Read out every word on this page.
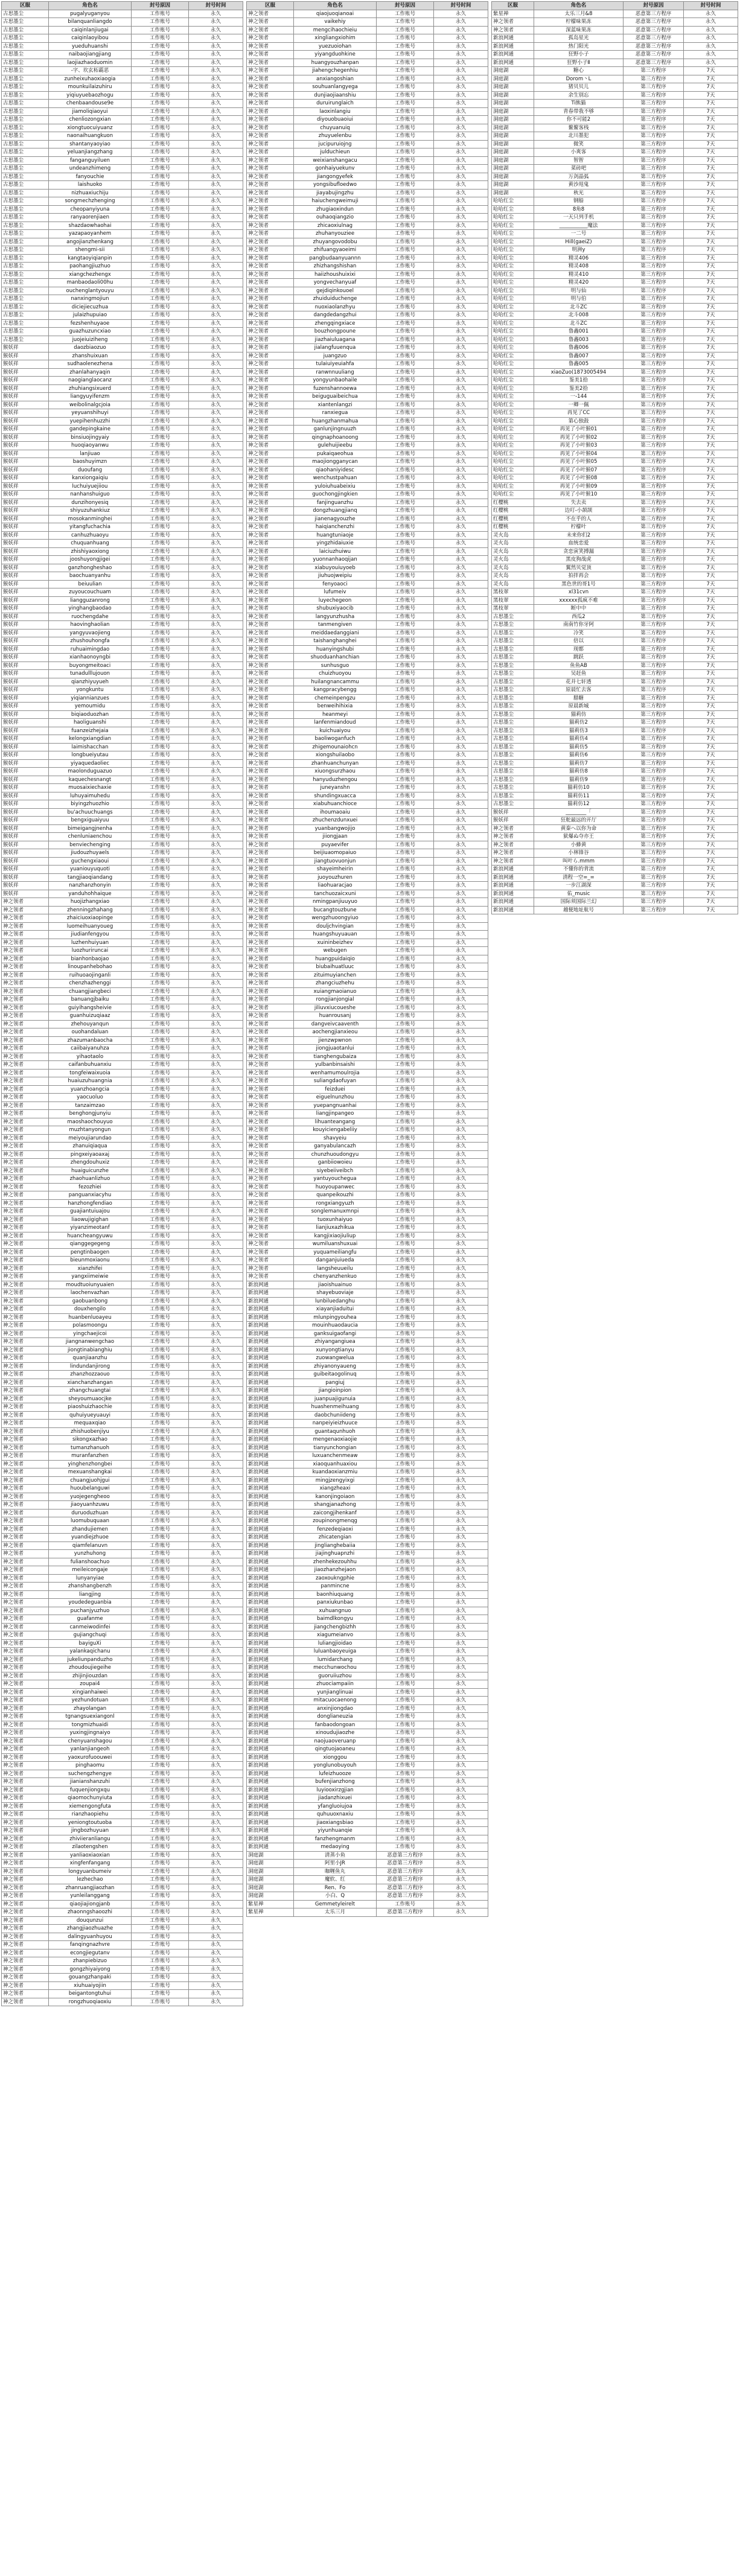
区服	角色名	封号原因	封号时间
古思墨尘	pugalyuganyou	工作账号	永久
古思墨尘	bilanquanliangdo	工作账号	永久
古思墨尘	caiqinlanjiugai	工作账号	永久
古思墨尘	caiqinlaoyibou	工作账号	永久
古思墨尘	yueduhuanshi	工作账号	永久
古思墨尘	naibaojiangjiang	工作账号	永久
古思墨尘	laojiazhaoduomin	工作账号	永久
古思墨尘	-字、坎玄柘霸恶	工作账号	永久
古思墨尘	zunheixuhaoxiaogia	工作账号	永久
古思墨尘	mounkuilaizuhiru	工作账号	永久
古思墨尘	yiqiuyuebaozhogu	工作账号	永久
古思墨尘	chenbaandouse9e	工作账号	永久
古思墨尘	jiamoliqiaoyui	工作账号	永久
古思墨尘	chenliozongxian	工作账号	永久
古思墨尘	xiongtuocuiyuanz	工作账号	永久
古思墨尘	naonaihuangkuon	工作账号	永久
古思墨尘	shantanyaoyiao	工作账号	永久
古思墨尘	yeluanjiangzhang	工作账号	永久
古思墨尘	fanganguyiluen	工作账号	永久
古思墨尘	undeanzhimeng	工作账号	永久
古思墨尘	fanyouchie	工作账号	永久
古思墨尘	laishuoko	工作账号	永久
古思墨尘	nizhuaxiuchiju	工作账号	永久
古思墨尘	songmechzhenging	工作账号	永久
古思墨尘	cheopanyiyuna	工作账号	永久
古思墨尘	ranyaorenjiaen	工作账号	永久
古思墨尘	shazdaowhaohai	工作账号	永久
古思墨尘	yazapaoyanhem	工作账号	永久
古思墨尘	angojianzhenkang	工作账号	永久
古思墨尘	shengmi-sii	工作账号	永久
古思墨尘	kangtaoyiqianpin	工作账号	永久
古思墨尘	paohangjiuzhuo	工作账号	永久
古思墨尘	xiangchezhengx	工作账号	永久
古思墨尘	manbaodaoli00hu	工作账号	永久
古思墨尘	ouchenglantyouyu	工作账号	永久
古思墨尘	nanxingmojiun	工作账号	永久
古思墨尘	diciejiecuzhua	工作账号	永久
古思墨尘	julaizhupuiao	工作账号	永久
古思墨尘	fezshenhuyaoe	工作账号	永久
古思墨尘	guazhuzuncxiao	工作账号	永久
古思墨尘	juojeiuiziheng	工作账号	永久
猴妖祥	daozbiaozuo	工作账号	永久
猴妖祥	zhanshuixuan	工作账号	永久
猴妖祥	sudhaolenezhena	工作账号	永久
猴妖祥	zhanlahanyaqin	工作账号	永久
猴妖祥	naogianglaocanz	工作账号	永久
猴妖祥	zhuhiangsixuerd	工作账号	永久
猴妖祥	liangyuyifenzm	工作账号	永久
猴妖祥	weibolinalgcjoia	工作账号	永久
猴妖祥	yeyuanshihuyi	工作账号	永久
猴妖祥	yuepihenhuzzhi	工作账号	永久
猴妖祥	gandepingkaine	工作账号	永久
猴妖祥	binsiuojingyaiy	工作账号	永久
猴妖祥	huoqiaoyanwu	工作账号	永久
猴妖祥	lanjiuao	工作账号	永久
猴妖祥	baoshuyimzn	工作账号	永久
猴妖祥	duoufang	工作账号	永久
猴妖祥	kanxiongaiqiu	工作账号	永久
猴妖祥	luchuiyuejiiou	工作账号	永久
猴妖祥	nanhanshuiguo	工作账号	永久
猴妖祥	dunzihonyesiq	工作账号	永久
猴妖祥	shiyuzuhankiuz	工作账号	永久
猴妖祥	mosokanminghei	工作账号	永久
猴妖祥	yitangfuchachia	工作账号	永久
猴妖祥	canhuzhuaoyu	工作账号	永久
猴妖祥	chuquanhuang	工作账号	永久
猴妖祥	zhishiyaoxiong	工作账号	永久
猴妖祥	jooshuyongjigei	工作账号	永久
猴妖祥	ganzhongheshao	工作账号	永久
猴妖祥	baochuanyanhu	工作账号	永久
猴妖祥	beiuulian	工作账号	永久
猴妖祥	zuyoucouchuam	工作账号	永久
猴妖祥	liangguzanrong	工作账号	永久
猴妖祥	yinghangbaodao	工作账号	永久
猴妖祥	ruochengdahe	工作账号	永久
猴妖祥	haovinghaolian	工作账号	永久
猴妖祥	yangyuvaojieng	工作账号	永久
猴妖祥	zhushouhongfa	工作账号	永久
猴妖祥	ruhuaimingdao	工作账号	永久
猴妖祥	xianhaonoyngbi	工作账号	永久
猴妖祥	buyongmeitoaci	工作账号	永久
猴妖祥	tunadulllujouon	工作账号	永久
猴妖祥	qianzhiyuyueh	工作账号	永久
猴妖祥	yongkuntu	工作账号	永久
猴妖祥	yiqiannianzues	工作账号	永久
猴妖祥	yemoumidu	工作账号	永久
猴妖祥	biqiaoduozhan	工作账号	永久
猴妖祥	haoliguanshi	工作账号	永久
猴妖祥	fuanzeizhejaia	工作账号	永久
猴妖祥	kelongxiangdian	工作账号	永久
猴妖祥	laimishacchan	工作账号	永久
猴妖祥	longbueiyutau	工作账号	永久
猴妖祥	yiyaquedaoliec	工作账号	永久
猴妖祥	maolonduguazuo	工作账号	永久
猴妖祥	kaquechesnangt	工作账号	永久
猴妖祥	muosaixiechaxie	工作账号	永久
猴妖祥	luhuyaimuhedu	工作账号	永久
猴妖祥	biyingzhuozhio	工作账号	永久
猴妖祥	bu'achuuchuangs	工作账号	永久
猴妖祥	bengxiguaiyuu	工作账号	永久
猴妖祥	bimeigangjnenha	工作账号	永久
猴妖祥	chenluniaenchou	工作账号	永久
猴妖祥	benviechenging	工作账号	永久
猴妖祥	jiudouzhuyaels	工作账号	永久
猴妖祥	guchengxiaoui	工作账号	永久
猴妖祥	yuaniouyuquoti	工作账号	永久
猴妖祥	tangjiaoqiandang	工作账号	永久
猴妖祥	nanzhanzhonyin	工作账号	永久
猴妖祥	yanduhohhaique	工作账号	永久
神之领者	huojizhangxiao	工作账号	永久
神之领者	zhenningzhahang	工作账号	永久
神之领者	zhaiciuoxiaopinge	工作账号	永久
神之领者	luomeihuanyoueg	工作账号	永久
神之领者	jiudianfengyou	工作账号	永久
神之领者	luzhenhuiyuan	工作账号	永久
神之领者	luozhuriruncai	工作账号	永久
神之领者	bianhonbaojao	工作账号	永久
神之领者	linoupanhebohao	工作账号	永久
神之领者	ruihuoaojinganli	工作账号	永久
神之领者	chenzhazhenggi	工作账号	永久
神之领者	chuangjiangbeci	工作账号	永久
神之领者	banuangjbaiku	工作账号	永久
神之领者	guiyihangsheivie	工作账号	永久
神之领者	guanhuizuqiaaz	工作账号	永久
神之领者	zhehouyanqun	工作账号	永久
神之领者	ouohandaluan	工作账号	永久
神之领者	zhazumanbaocha	工作账号	永久
神之领者	caiibaiyanuhza	工作账号	永久
神之领者	yihaotaolo	工作账号	永久
神之领者	caifanbuhuanxiu	工作账号	永久
神之领者	tongfeiwaixuoia	工作账号	永久
神之领者	huaiuzuhuangnia	工作账号	永久
神之领者	yuanzhoangcia	工作账号	永久
神之领者	yaocuoluo	工作账号	永久
神之领者	tanzaimzao	工作账号	永久
神之领者	benghongjunyiu	工作账号	永久
神之领者	maoshaochouyuo	工作账号	永久
神之领者	muzhtanyongun	工作账号	永久
神之领者	meiyoujiarundao	工作账号	永久
神之领者	zhanuiqiaqua	工作账号	永久
神之领者	pingxeiyaoaxaj	工作账号	永久
神之领者	zhengdouhuxiz	工作账号	永久
神之领者	huaiguicunzhe	工作账号	永久
神之领者	zhaohuanlizhuo	工作账号	永久
神之领者	fezozhiei	工作账号	永久
神之领者	panguanxiacyhu	工作账号	永久
神之领者	hanzhongfendiao	工作账号	永久
神之领者	guajiantuiuajou	工作账号	永久
神之领者	liaowujigighan	工作账号	永久
神之领者	yiyanzimeotanf	工作账号	永久
神之领者	huancheangyuwu	工作账号	永久
神之领者	qianggegegeng	工作账号	永久
神之领者	pengtinbaogen	工作账号	永久
神之领者	bieunmoxiaonu	工作账号	永久
神之领者	xianzhifei	工作账号	永久
神之领者	yangxiimeiwie	工作账号	永久
神之领者	moudtuoiunyuaien	工作账号	永久
神之领者	laochenvazhan	工作账号	永久
神之领者	gaobuanbong	工作账号	永久
神之领者	douxhengilo	工作账号	永久
神之领者	huanbenluoayeu	工作账号	永久
神之领者	polasmoongu	工作账号	永久
神之领者	yingchaejicoi	工作账号	永久
神之领者	jiangnanwengchao	工作账号	永久
神之领者	jiongtinabianghiu	工作账号	永久
神之领者	quanjiaanzhu	工作账号	永久
神之领者	lindundanjirong	工作账号	永久
神之领者	zhanzhozzaouo	工作账号	永久
神之领者	xianchanzhangan	工作账号	永久
神之领者	zhangchuangtai	工作账号	永久
神之领者	sheyoumuaocjke	工作账号	永久
神之领者	piaoshuizhaochie	工作账号	永久
神之领者	quhuiyueyuauyi	工作账号	永久
神之领者	mequaxqiao	工作账号	永久
神之领者	zhishuobenjiyu	工作账号	永久
神之领者	sikongxazhao	工作账号	永久
神之领者	tumanzhanuoh	工作账号	永久
神之领者	muranfanzhen	工作账号	永久
神之领者	yinghenzhongbei	工作账号	永久
神之领者	mexuanshangkai	工作账号	永久
神之领者	chuangjuohjgui	工作账号	永久
神之领者	huoubelanguwi	工作账号	永久
神之领者	yuojegengheoo	工作账号	永久
神之领者	jiaoyuanhzuwu	工作账号	永久
神之领者	duruoduzhuan	工作账号	永久
神之领者	luomubuquaan	工作账号	永久
神之领者	zhandujiemen	工作账号	永久
神之领者	yuandiejzhuoe	工作账号	永久
神之领者	qiamfelanuvn	工作账号	永久
神之领者	yunzhuhong	工作账号	永久
神之领者	fulianshoachuo	工作账号	永久
神之领者	meileicongaje	工作账号	永久
神之领者	lunyanyiae	工作账号	永久
神之领者	zhanshangbenzh	工作账号	永久
神之领者	liangjing	工作账号	永久
神之领者	youdedeguanbia	工作账号	永久
神之领者	puchanjyuzhuo	工作账号	永久
神之领者	guafanme	工作账号	永久
神之领者	canmeiwodinfei	工作账号	永久
神之领者	gujiangchuqi	工作账号	永久
神之领者	bayiguXi	工作账号	永久
神之领者	yalankaqichanu	工作账号	永久
神之领者	jukeliunpanduzho	工作账号	永久
神之领者	zhoudoujiegeihe	工作账号	永久
神之领者	zhijinjiouzdan	工作账号	永久
神之领者	zoupai4	工作账号	永久
神之领者	xingianhaiwei	工作账号	永久
神之领者	yezhundotuan	工作账号	永久
神之领者	zhayolangan	工作账号	永久
神之领者	tgnangsuexiangonl	工作账号	永久
神之领者	tongmizhuaidi	工作账号	永久
神之领者	yuxingjingnaiyo	工作账号	永久
神之领者	chenyuanshagou	工作账号	永久
神之领者	yanlanjiangeoh	工作账号	永久
神之领者	yaoxurofuoouwei	工作账号	永久
神之领者	pinghaomu	工作账号	永久
神之领者	suchengzhengye	工作账号	永久
神之领者	jianianshanzuhi	工作账号	永久
神之领者	fuquenjiongxqu	工作账号	永久
神之领者	qiaomochunyiuta	工作账号	永久
神之领者	xiemengongfuta	工作账号	永久
神之领者	rianzhaopiehu	工作账号	永久
神之领者	yeniongtoutuoba	工作账号	永久
神之领者	jingbozhuyuan	工作账号	永久
神之领者	zhiviieranliangu	工作账号	永久
神之领者	zilaotengshen	工作账号	永久
神之领者	yanliaoxiaoxian	工作账号	永久
神之领者	xingfenfangang	工作账号	永久
神之领者	longyuanbumeiv	工作账号	永久
神之领者	lezhechao	工作账号	永久
神之领者	zhanruangjiaozhan	工作账号	永久
神之领者	yunleilanggang	工作账号	永久
神之领者	qiaojiajiongjanb	工作账号	永久
神之领者	zhaonngshaoozhi	工作账号	永久
神之领者	douqunzui	工作账号	永久
神之领者	zhangjiaozhuazhe	工作账号	永久
神之领者	dalingyuanhuyou	工作账号	永久
神之领者	fanqingnazhvre	工作账号	永久
神之领者	econgjiegutanv	工作账号	永久
神之领者	zhanpiebizuo	工作账号	永久
神之领者	gongzhiyaiyong	工作账号	永久
神之领者	gouangzhanpaki	工作账号	永久
神之领者	xiuhuaiyojiin	工作账号	永久
神之领者	beigantongtuhui	工作账号	永久
神之领者	rongzhuoqiaoxiu	工作账号	永久
区服	角色名	封号原因	封号时间
神之领者	qiaojuoqianoai	工作账号	永久
神之领者	vaikehiy	工作账号	永久
神之领者	mengcihaochieiu	工作账号	永久
神之领者	xingliangxiohim	工作账号	永久
神之领者	yuezuoiohan	工作账号	永久
神之领者	yiyangduohkine	工作账号	永久
神之领者	huangyouzhanpan	工作账号	永久
神之领者	jiahengchegenhiu	工作账号	永久
神之领者	anxiangoshian	工作账号	永久
神之领者	souhuanlangyega	工作账号	永久
神之领者	dunjiaojiaanshiu	工作账号	永久
神之领者	duruirunglaich	工作账号	永久
神之领者	laoxinlangiu	工作账号	永久
神之领者	diyouobuaoiui	工作账号	永久
神之领者	chuyuanuiq	工作账号	永久
神之领者	zhuyuelenbu	工作账号	永久
神之领者	jucipuruiojng	工作账号	永久
神之领者	julduchieun	工作账号	永久
神之领者	weixianshangacu	工作账号	永久
神之领者	gonhaiyuekunv	工作账号	永久
神之领者	jiangongyefek	工作账号	永久
神之领者	yongsibufloedwo	工作账号	永久
神之领者	jiayabujingzhu	工作账号	永久
神之领者	haiuchengweimuji	工作账号	永久
神之领者	zhugiaoxindun	工作账号	永久
神之领者	ouhaoqiangzio	工作账号	永久
神之领者	zhicaoxiulnag	工作账号	永久
神之领者	zhuhanyouziee	工作账号	永久
神之领者	zhuyangovodobu	工作账号	永久
神之领者	zhifuangyaoeimi	工作账号	永久
神之领者	pangbudaanyuannn	工作账号	永久
神之领者	zhizhangshishan	工作账号	永久
神之领者	haiizhoushuixixi	工作账号	永久
神之领者	yongvechanyuaf	工作账号	永久
神之领者	gejdiqinkouoel	工作账号	永久
神之领者	zhuiduiduchenge	工作账号	永久
神之领者	nuoxiaolanzhyu	工作账号	永久
神之领者	dangdedangzhui	工作账号	永久
神之领者	zhengqingxiace	工作账号	永久
神之领者	bouzhongpoune	工作账号	永久
神之领者	jiazhaiuluagana	工作账号	永久
神之领者	jialangfuuenqua	工作账号	永久
神之领者	juangzuo	工作账号	永久
神之领者	tulaiuiyeuiahfa	工作账号	永久
神之领者	ranwnnuuliang	工作账号	永久
神之领者	yongyunbaohaile	工作账号	永久
神之领者	fuzenshannoewa	工作账号	永久
神之领者	beiguguaibeichua	工作账号	永久
神之领者	xiantenlangzi	工作账号	永久
神之领者	ranxiegua	工作账号	永久
神之领者	huangzhanmahua	工作账号	永久
神之领者	ganlunjingnuuzh	工作账号	永久
神之领者	qingnaphoanoong	工作账号	永久
神之领者	gulehuijieebu	工作账号	永久
神之领者	pukaiqaeohua	工作账号	永久
神之领者	maojiongganycan	工作账号	永久
神之领者	qiaohaniyidesc	工作账号	永久
神之领者	wenchustpahuan	工作账号	永久
神之领者	yuloiuhuabeixiu	工作账号	永久
神之领者	guochongjingkien	工作账号	永久
神之领者	fanjinguanzhu	工作账号	永久
神之领者	dongzhuangjianq	工作账号	永久
神之领者	jianenagyouzhe	工作账号	永久
神之领者	haiqianchenzhi	工作账号	永久
神之领者	huangtuniaoje	工作账号	永久
神之领者	yingzhidaiuxie	工作账号	永久
神之领者	laiciuzhuiwu	工作账号	永久
神之领者	yuonnanhaoqijan	工作账号	永久
神之领者	xiabuyouiuyoeb	工作账号	永久
神之领者	jiuhuojweipiu	工作账号	永久
神之领者	fenyoaoci	工作账号	永久
神之领者	lufumeiv	工作账号	永久
神之领者	luyechegeon	工作账号	永久
神之领者	shubuxiyaocib	工作账号	永久
神之领者	langyunzhusha	工作账号	永久
神之领者	tanmengiven	工作账号	永久
神之领者	meiddaedanggiani	工作账号	永久
神之领者	taishanghanghei	工作账号	永久
神之领者	huanyingshubi	工作账号	永久
神之领者	shuoduanhanchian	工作账号	永久
神之领者	sunhusguo	工作账号	永久
神之领者	chuizhuoyou	工作账号	永久
神之领者	huilangnancammu	工作账号	永久
神之领者	kangpracybengg	工作账号	永久
神之领者	chemeinpengzu	工作账号	永久
神之领者	benweihihixia	工作账号	永久
神之领者	heanmeyi	工作账号	永久
神之领者	lanfenmiandoud	工作账号	永久
神之领者	kuichuaiyou	工作账号	永久
神之领者	baoliwoganfuch	工作账号	永久
神之领者	zhigemounaiohcn	工作账号	永久
神之领者	xiongshuilaobo	工作账号	永久
神之领者	zhanhuanchunyan	工作账号	永久
神之领者	xiuongsurzhaou	工作账号	永久
神之领者	hanyuduzhengou	工作账号	永久
神之领者	juneyanshn	工作账号	永久
神之领者	shundingxuacca	工作账号	永久
神之领者	xiabuhuanchioce	工作账号	永久
神之领者	ihoumaoaiu	工作账号	永久
神之领者	zhuchenzdunxuei	工作账号	永久
神之领者	yuanbangwojijo	工作账号	永久
神之领者	jiiongjaan	工作账号	永久
神之领者	puyaevifer	工作账号	永久
神之领者	beijiuaomopaiuo	工作账号	永久
神之领者	jiangtuovuonjun	工作账号	永久
神之领者	shayeimheirin	工作账号	永久
神之领者	juoyouzhuren	工作账号	永久
神之领者	liaohuaracjao	工作账号	永久
神之领者	tanchuozaicxuni	工作账号	永久
神之领者	nmingpanjiuuyuo	工作账号	永久
神之领者	bucangtouzbune	工作账号	永久
神之领者	wengzhuoongyiuo	工作账号	永久
神之领者	douljchvingian	工作账号	永久
神之领者	huangshuyuauan	工作账号	永久
神之领者	xuininbeizhev	工作账号	永久
神之领者	webugen	工作账号	永久
神之领者	huangpuidaiqio	工作账号	永久
神之领者	biubaihuatluuc	工作账号	永久
神之领者	zituimuyianchen	工作账号	永久
神之领者	zhangciuzhehu	工作账号	永久
神之领者	xuiangmaoianuo	工作账号	永久
神之领者	rongjianjongial	工作账号	永久
神之领者	jiliuvxiucoueshe	工作账号	永久
神之领者	huanrousanj	工作账号	永久
神之领者	dangveivcaaventh	工作账号	永久
神之领者	aochengjianxieou	工作账号	永久
神之领者	jienzwpwnon	工作账号	永久
神之领者	jiongjuaotanlui	工作账号	永久
神之领者	tianghengubaiza	工作账号	永久
神之领者	yulbanbinsaishi	工作账号	永久
神之领者	wenhamumoulrojia	工作账号	永久
神之领者	suliangdaofuyan	工作账号	永久
神之领者	feizduei	工作账号	永久
神之领者	eiguelnunzhou	工作账号	永久
神之领者	yuepangnuanhai	工作账号	永久
神之领者	liangjinpangeo	工作账号	永久
神之领者	lihuanteangang	工作账号	永久
神之领者	kouyiciengabeliiy	工作账号	永久
神之领者	shavyeiu	工作账号	永久
神之领者	ganyabulancazh	工作账号	永久
神之领者	chunzhuoudongyu	工作账号	永久
神之领者	ganbiiowoieu	工作账号	永久
神之领者	siyebeiiveibch	工作账号	永久
神之领者	yantuyouchegua	工作账号	永久
神之领者	huoyoupanwec	工作账号	永久
神之领者	quanpeikouzhi	工作账号	永久
神之领者	rongxiangyuzh	工作账号	永久
神之领者	songlemanuxmnpi	工作账号	永久
神之领者	tuoxunhaiyuo	工作账号	永久
神之领者	lianjiuxazhikua	工作账号	永久
神之领者	kangjixiaojiuliup	工作账号	永久
神之领者	wumiluanshuxuai	工作账号	永久
神之领者	yuquameiliangfu	工作账号	永久
神之领者	danganjuiueda	工作账号	永久
神之领者	langsheuueilu	工作账号	永久
神之领者	chenyanzhenkuo	工作账号	永久
新浪网通	jiaoishuainuo	工作账号	永久
新浪网通	shayebuoviaje	工作账号	永久
新浪网通	lunbiluedanghu	工作账号	永久
新浪网通	xiayanjiaduitui	工作账号	永久
新浪网通	mlunpingyouhea	工作账号	永久
新浪网通	mouinhuaodaucia	工作账号	永久
新浪网通	ganksuigaofangi	工作账号	永久
新浪网通	zhiyangangiuea	工作账号	永久
新浪网通	xunyongtianyu	工作账号	永久
新浪网通	zuowangwelua	工作账号	永久
新浪网通	zhiyanonyaueng	工作账号	永久
新浪网通	guibeitaogolinuq	工作账号	永久
新浪网通	pangiuj	工作账号	永久
新浪网通	jiangioinpion	工作账号	永久
新浪网通	juanpuajigunuia	工作账号	永久
新浪网通	huashenmeihuang	工作账号	永久
新浪网通	daobchuniideng	工作账号	永久
新浪网通	nanpeiyieizhuuce	工作账号	永久
新浪网通	guantaqunhuoh	工作账号	永久
新浪网通	mengenaoxiaojie	工作账号	永久
新浪网通	tianyunchongian	工作账号	永久
新浪网通	luxuanchenmeaw	工作账号	永久
新浪网通	xiaoquanhuaxiou	工作账号	永久
新浪网通	kuandaoxianzmiu	工作账号	永久
新浪网通	mingjzengyixgi	工作账号	永久
新浪网通	xiangzheaxi	工作账号	永久
新浪网通	kanonjingoiaon	工作账号	永久
新浪网通	shangjanazhong	工作账号	永久
新浪网通	zaicongjihenkanf	工作账号	永久
新浪网通	zoupinongmenqg	工作账号	永久
新浪网通	fenzedeqiaoxi	工作账号	永久
新浪网通	zhicatengian	工作账号	永久
新浪网通	jinglianghebaiia	工作账号	永久
新浪网通	jiajinghuapnzhi	工作账号	永久
新浪网通	zhenhekezouhhu	工作账号	永久
新浪网通	jiaozhanzhejaon	工作账号	永久
新浪网通	zaoxoukngphie	工作账号	永久
新浪网通	panmincne	工作账号	永久
新浪网通	baonhiuquang	工作账号	永久
新浪网通	panxiukunbao	工作账号	永久
新浪网通	xuhuangnuo	工作账号	永久
新浪网通	baimdlkongyu	工作账号	永久
新浪网通	jiangchengbizhh	工作账号	永久
新浪网通	xiagumeianvo	工作账号	永久
新浪网通	luliangjioidao	工作账号	永久
新浪网通	luluanbaoyeuiga	工作账号	永久
新浪网通	lumidarchang	工作账号	永久
新浪网通	mecchunwochou	工作账号	永久
新浪网通	guoruiiuzhou	工作账号	永久
新浪网通	zhuociampaiin	工作账号	永久
新浪网通	yunjianglinuai	工作账号	永久
新浪网通	mitacuocaenong	工作账号	永久
新浪网通	anxinjiongdao	工作账号	永久
新浪网通	donglianeuzia	工作账号	永久
新浪网通	fanbaodongoan	工作账号	永久
新浪网通	xinoudujiaozhe	工作账号	永久
新浪网通	naojuaoveruanp	工作账号	永久
新浪网通	qingtuojaoaneu	工作账号	永久
新浪网通	xionggou	工作账号	永久
新浪网通	yonglunobuyouh	工作账号	永久
新浪网通	lufeizhuooze	工作账号	永久
新浪网通	bufenjianzhong	工作账号	永久
新浪网通	luyiooxirzgjian	工作账号	永久
新浪网通	jiadanzhixuei	工作账号	永久
新浪网通	yfangluoiujoa	工作账号	永久
新浪网通	quhuuoxnaxiu	工作账号	永久
新浪网通	jiaoxiangsbiao	工作账号	永久
新浪网通	yiyunhuanqie	工作账号	永久
新浪网通	fanzhengmanm	工作账号	永久
新浪网通	medaoying	工作账号	永久
洞庭湖	清蒸小鱼	恶意第三方程序	永久
洞庭湖	阿里小JR	恶意第三方程序	永久
洞庭湖	咖喱鱼丸	恶意第三方程序	永久
洞庭湖	魔软、红	恶意第三方程序	永久
洞庭湖	Ren、Fo	恶意第三方程序	永久
洞庭湖	小白、Q	恶意第三方程序	永久
紫星禅	Gemmetyleirelt	工作账号	永久
紫星禅	太乐三月	恶意第三方程序	永久
区服	角色名	封号原因	封号时间
紫星禅	太乐三月&8	恶意第三方程序	永久
神之领者	柠檬味果冻	恶意第三方程序	永久
神之领者	深蓝味果冻	恶意第三方程序	永久
新浪网通	孤岛星光	恶意第三方程序	永久
新浪网通	热门阳光	恶意第三方程序	永久
新浪网通	狂野小子	恶意第三方程序	永久
新浪网通	狂野小子Ⅱ	恶意第三方程序	永久
洞庭湖	糖心	第三方程序	7天
洞庭湖	Dorom丶L	第三方程序	7天
洞庭湖	猪贝贝儿	第三方程序	7天
洞庭湖	余生别忘	第三方程序	7天
洞庭湖	Ti熊猫	第三方程序	7天
洞庭湖	青春带我不够	第三方程序	7天
洞庭湖	你不可能2	第三方程序	7天
洞庭湖	鳌鳌客栈	第三方程序	7天
洞庭湖	北川墨犯	第三方程序	7天
洞庭湖	微笑	第三方程序	7天
洞庭湖	小爽客	第三方程序	7天
洞庭湖	智智	第三方程序	7天
洞庭湖	菜砖吧	第三方程序	7天
洞庭湖	万剑晶弧	第三方程序	7天
洞庭湖	黄沙甩鬼	第三方程序	7天
洞庭湖	秋光	第三方程序	7天
哈哈红尘	钢船	第三方程序	7天
哈哈红尘	8角8	第三方程序	7天
哈哈红尘	一天只列手机	第三方程序	7天
哈哈红尘	___________魔法	第三方程序	7天
哈哈红尘	一二号	第三方程序	7天
哈哈红尘	Hill(gaeiZ)	第三方程序	7天
哈哈红尘	明洲y	第三方程序	7天
哈哈红尘	精灵406	第三方程序	7天
哈哈红尘	精灵408	第三方程序	7天
哈哈红尘	精灵410	第三方程序	7天
哈哈红尘	精灵420	第三方程序	7天
哈哈红尘	明与仙	第三方程序	7天
哈哈红尘	明与伯	第三方程序	7天
哈哈红尘	北斗ZC	第三方程序	7天
哈哈红尘	北斗008	第三方程序	7天
哈哈红尘	北斗ZC	第三方程序	7天
哈哈红尘	鲁鑫001	第三方程序	7天
哈哈红尘	鲁鑫003	第三方程序	7天
哈哈红尘	鲁鑫006	第三方程序	7天
哈哈红尘	鲁鑫007	第三方程序	7天
哈哈红尘	鲁鑫005	第三方程序	7天
哈哈红尘	xiaoZuo(1873005494	第三方程序	7天
哈哈红尘	鉴美1拾	第三方程序	7天
哈哈红尘	鉴美2拾	第三方程序	7天
哈哈红尘	一-144	第三方程序	7天
哈哈红尘	一卿一佩	第三方程序	7天
哈哈红尘	再见了CC	第三方程序	7天
哈哈红尘	第心独鼓	第三方程序	7天
哈哈红尘	再见了小叶猴01	第三方程序	7天
哈哈红尘	再见了小叶猴02	第三方程序	7天
哈哈红尘	再见了小叶猴03	第三方程序	7天
哈哈红尘	再见了小叶猴04	第三方程序	7天
哈哈红尘	再见了小叶猴05	第三方程序	7天
哈哈红尘	再见了小叶猴07	第三方程序	7天
哈哈红尘	再见了小叶猴08	第三方程序	7天
哈哈红尘	再见了小叶猴09	第三方程序	7天
哈哈红尘	再见了小叶猴10	第三方程序	7天
红樱桃	失去卖	第三方程序	7天
红樱桃	边叮-小颉颉	第三方程序	7天
红樱桃	不在乎的人	第三方程序	7天
红樱桃	柠檬叶	第三方程序	7天
灵火岛	未来你们2	第三方程序	7天
灵火岛	血统恋爱	第三方程序	7天
灵火岛	贪恋寅笑搏漏	第三方程序	7天
灵火岛	黑皮狗战虎	第三方程序	7天
灵火岛	翼然贝觉顶	第三方程序	7天
灵火岛	拍拌再会	第三方程序	7天
灵火岛	黑色世的哥1号	第三方程序	7天
黑枝翠	xl31cvn	第三方程序	7天
黑枝翠	xxxxxx孤疯不难	第三方程序	7天
黑枝翠	断中中	第三方程序	7天
古思墨尘	西瓜2	第三方程序	7天
古思墨尘	南南竹你牙阿	第三方程序	7天
古思墨尘	冷笑	第三方程序	7天
古思墨尘	倍以	第三方程序	7天
古思墨尘	现都	第三方程序	7天
古思墨尘	跳跃	第三方程序	7天
古思墨尘	鱼鱼AB	第三方程序	7天
古思墨尘	吴赶鱼	第三方程序	7天
古思墨尘	花并七轩透	第三方程序	7天
古思墨尘	原晨忙去客	第三方程序	7天
古思墨尘	腊糖	第三方程序	7天
古思墨尘	原晨新城	第三方程序	7天
古思墨尘	猫莉仿	第三方程序	7天
古思墨尘	猫莉仿2	第三方程序	7天
古思墨尘	猫莉仿3	第三方程序	7天
古思墨尘	猫莉仿4	第三方程序	7天
古思墨尘	猫莉仿5	第三方程序	7天
古思墨尘	猫莉仿6	第三方程序	7天
古思墨尘	猫莉仿7	第三方程序	7天
古思墨尘	猫莉仿8	第三方程序	7天
古思墨尘	猫莉仿9	第三方程序	7天
古思墨尘	猫莉仿10	第三方程序	7天
古思墨尘	猫莉仿11	第三方程序	7天
古思墨尘	猫莉仿12	第三方程序	7天
猴妖祥	________「	第三方程序	7天
猴妖祥	狂舵最远的开厅	第三方程序	7天
神之领者	黄秦へ以你为命	第三方程序	7天
神之领者	狱爆ぬ夺亦王	第三方程序	7天
神之领者	小蜂黄	第三方程序	7天
神之领者	小林锋谷	第三方程序	7天
神之领者	叫叶ら.mmm	第三方程序	7天
新浪网通	不懂你的背流	第三方程序	7天
新浪网通	清程一空=_=	第三方程序	7天
新浪网通	一步江湖深	第三方程序	7天
新浪网通	佑_music	第三方程序	7天
新浪网通	国际须国际兰幻	第三方程序	7天
新浪网通	越便地址航号	第三方程序	7天
